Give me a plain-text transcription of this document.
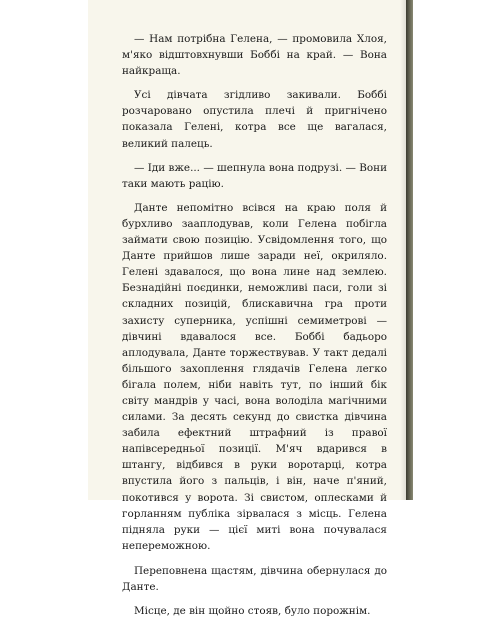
— Нам потрібна Гелена, — промовила Хлоя, м'яко відштовхнувши Боббі на край. — Вона найкраща.

Усі дівчата згідливо закивали. Боббі розчаровано опустила плечі й пригнічено показала Гелені, котра все ще вагалася, великий палець.

— Іди вже... — шепнула вона подрузі. — Вони таки мають рацію.

Данте непомітно всівся на краю поля й бурхливо зааплодував, коли Гелена побігла займати свою позицію. Усвідомлення того, що Данте прийшов лише заради неї, окриляло. Гелені здавалося, що вона лине над землею. Безнадійні поєдинки, неможливі паси, голи зі складних позицій, блискавична гра проти захисту суперника, успішні семиметрові — дівчині вдавалося все. Боббі бадьоро аплодувала, Данте торжествував. У такт дедалі більшого захоплення глядачів Гелена легко бігала полем, ніби навіть тут, по інший бік світу мандрів у часі, вона володіла магічними силами. За десять секунд до свистка дівчина забила ефектний штрафний із правої напівсередньої позиції. М'яч вдарився в штангу, відбився в руки воротарці, котра впустила його з пальців, і він, наче п'яний, покотився у ворота. Зі свистом, оплесками й горланням публіка зірвалася з місць. Гелена підняла руки — цієї миті вона почувалася непереможною.

Переповнена щастям, дівчина обернулася до Данте.

Місце, де він щойно стояв, було порожнім.
